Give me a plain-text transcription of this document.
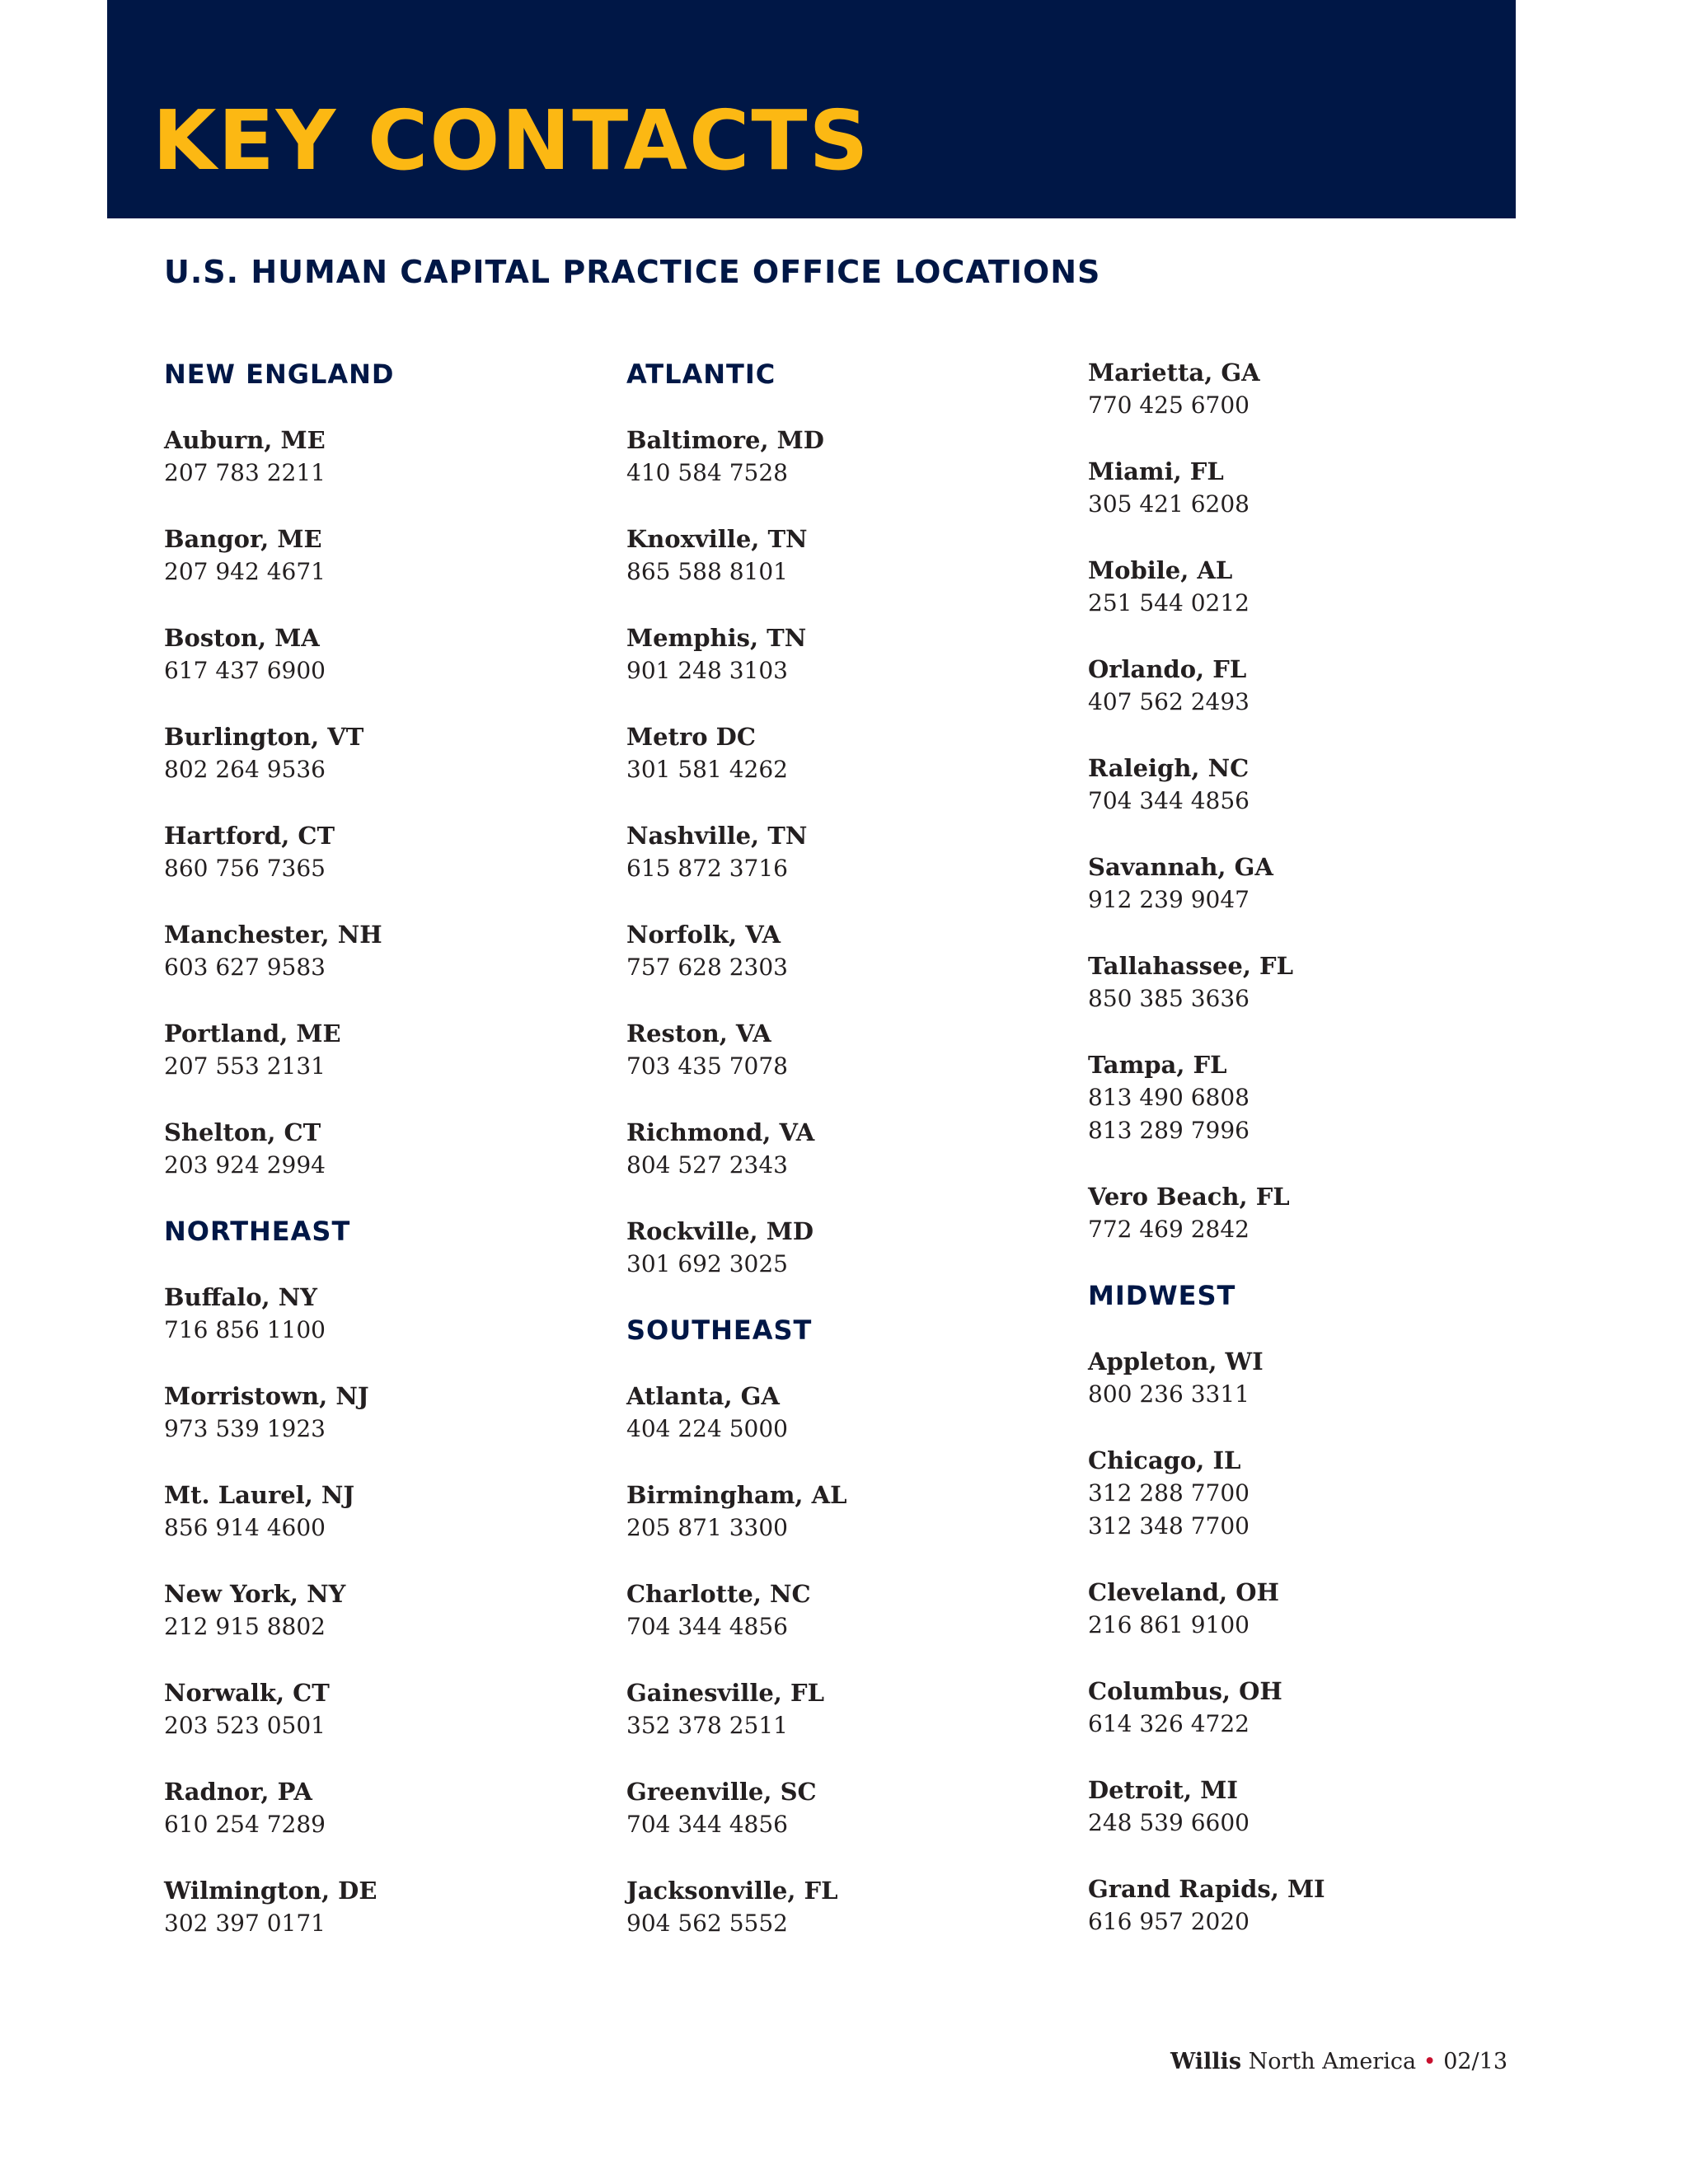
KEY CONTACTS
U.S. HUMAN CAPITAL PRACTICE OFFICE LOCATIONS
NEW ENGLAND
Auburn, ME
207 783 2211
Bangor, ME
207 942 4671
Boston, MA
617 437 6900
Burlington, VT
802 264 9536
Hartford, CT
860 756 7365
Manchester, NH
603 627 9583
Portland, ME
207 553 2131
Shelton, CT
203 924 2994
NORTHEAST
Buffalo, NY
716 856 1100
Morristown, NJ
973 539 1923
Mt. Laurel, NJ
856 914 4600
New York, NY
212 915 8802
Norwalk, CT
203 523 0501
Radnor, PA
610 254 7289
Wilmington, DE
302 397 0171
ATLANTIC
Baltimore, MD
410 584 7528
Knoxville, TN
865 588 8101
Memphis, TN
901 248 3103
Metro DC
301 581 4262
Nashville, TN
615 872 3716
Norfolk, VA
757 628 2303
Reston, VA
703 435 7078
Richmond, VA
804 527 2343
Rockville, MD
301 692 3025
SOUTHEAST
Atlanta, GA
404 224 5000
Birmingham, AL
205 871 3300
Charlotte, NC
704 344 4856
Gainesville, FL
352 378 2511
Greenville, SC
704 344 4856
Jacksonville, FL
904 562 5552
Marietta, GA
770 425 6700
Miami, FL
305 421 6208
Mobile, AL
251 544 0212
Orlando, FL
407 562 2493
Raleigh, NC
704 344 4856
Savannah, GA
912 239 9047
Tallahassee, FL
850 385 3636
Tampa, FL
813 490 6808
813 289 7996
Vero Beach, FL
772 469 2842
MIDWEST
Appleton, WI
800 236 3311
Chicago, IL
312 288 7700
312 348 7700
Cleveland, OH
216 861 9100
Columbus, OH
614 326 4722
Detroit, MI
248 539 6600
Grand Rapids, MI
616 957 2020
Willis North America • 02/13
